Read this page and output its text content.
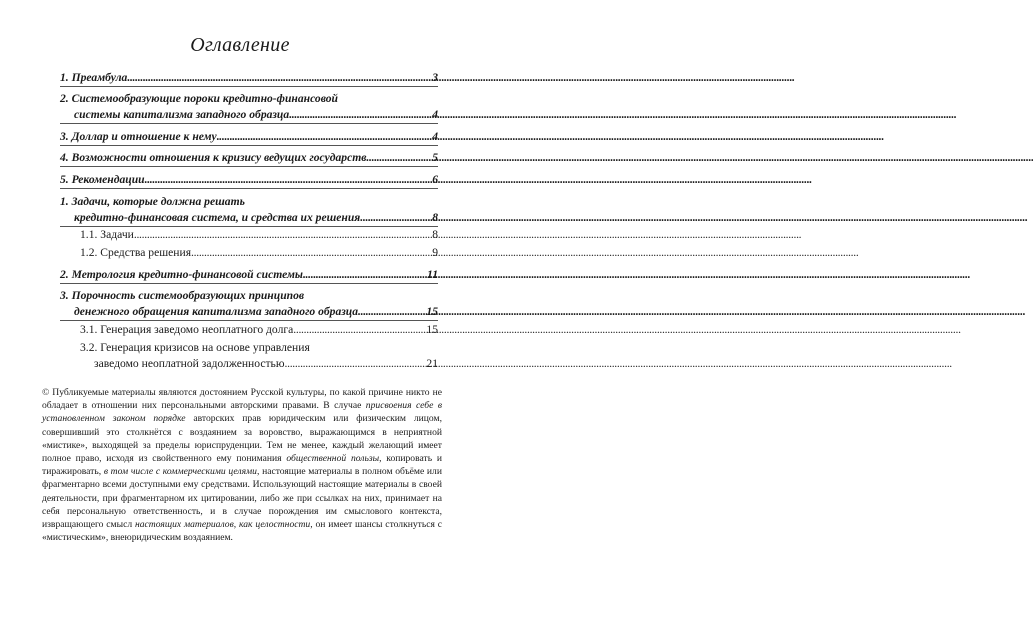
Оглавление
1. Преамбула . . .	3
2. Системообразующие пороки кредитно-финансовой
системы капитализма западного образца . . .	4
3. Доллар и отношение к нему . . .	4
4. Возможности отношения к кризису ведущих государств . . .	5
5. Рекомендации . . .	6
1. Задачи, которые должна решать
кредитно-финансовая система, и средства их решения . . .	8
1.1. Задачи . . .	8
1.2. Средства решения . . .	9
2. Метрология кредитно-финансовой системы . . .	11
3. Порочность системообразующих принципов
денежного обращения капитализма западного образца . . .	15
3.1. Генерация заведомо неоплатного долга . . .	15
3.2. Генерация кризисов на основе управления
заведомо неоплатной задолженностью . . .	21

© Публикуемые материалы являются достоянием Русской культуры, по какой причине никто не обладает в отношении них персональными авторскими правами. В случае присвоения себе в установленном законом порядке авторских прав юридическим или физическим лицом, совершивший это столкнётся с воздаянием за воровство, выражающимся в неприятной «мистике», выходящей за пределы юриспруденции. Тем не менее, каждый желающий имеет полное право, исходя из свойственного ему понимания общественной пользы, копировать и тиражировать, в том числе с коммерческими целями, настоящие материалы в полном объёме или фрагментарно всеми доступными ему средствами. Использующий настоящие материалы в своей деятельности, при фрагментарном их цитировании, либо же при ссылках на них, принимает на себя персональную ответственность, и в случае порождения им смыслового контекста, извращающего смысл настоящих материалов, как целостности, он имеет шансы столкнуться с «мистическим», внеюридическим воздаянием.
